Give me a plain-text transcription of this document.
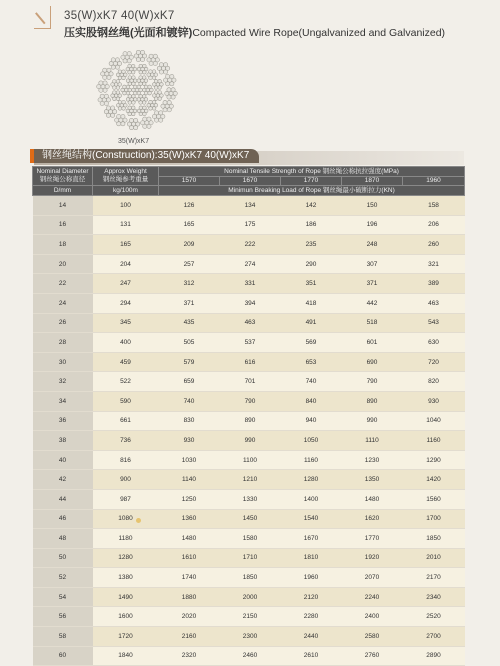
35(W)xK7 40(W)xK7
压实股钢丝绳(光面和镀锌)Compacted Wire Rope(Ungalvanized and Galvanized)
35(W)xK7
钢丝绳结构(Construction):35(W)xK7 40(W)xK7
Nominal Diameter
钢丝绳公称直径	Approx Weight
钢丝绳参考重量	Nominal Tensile Strength of Rope 钢丝绳公称抗拉强度(MPa)				
		1570	1670	1770	1870	1960
D/mm	kg/100m	Minimun Breaking Load of Rope 钢丝绳最小破断拉力(KN)				
14	100	126	134	142	150	158
16	131	165	175	186	196	206
18	165	209	222	235	248	260
20	204	257	274	290	307	321
22	247	312	331	351	371	389
24	294	371	394	418	442	463
26	345	435	463	491	518	543
28	400	505	537	569	601	630
30	459	579	616	653	690	720
32	522	659	701	740	790	820
34	590	740	790	840	890	930
36	661	830	890	940	990	1040
38	736	930	990	1050	1110	1160
40	816	1030	1100	1160	1230	1290
42	900	1140	1210	1280	1350	1420
44	987	1250	1330	1400	1480	1560
46	1080	1360	1450	1540	1620	1700
48	1180	1480	1580	1670	1770	1850
50	1280	1610	1710	1810	1920	2010
52	1380	1740	1850	1960	2070	2170
54	1490	1880	2000	2120	2240	2340
56	1600	2020	2150	2280	2400	2520
58	1720	2160	2300	2440	2580	2700
60	1840	2320	2460	2610	2760	2890
